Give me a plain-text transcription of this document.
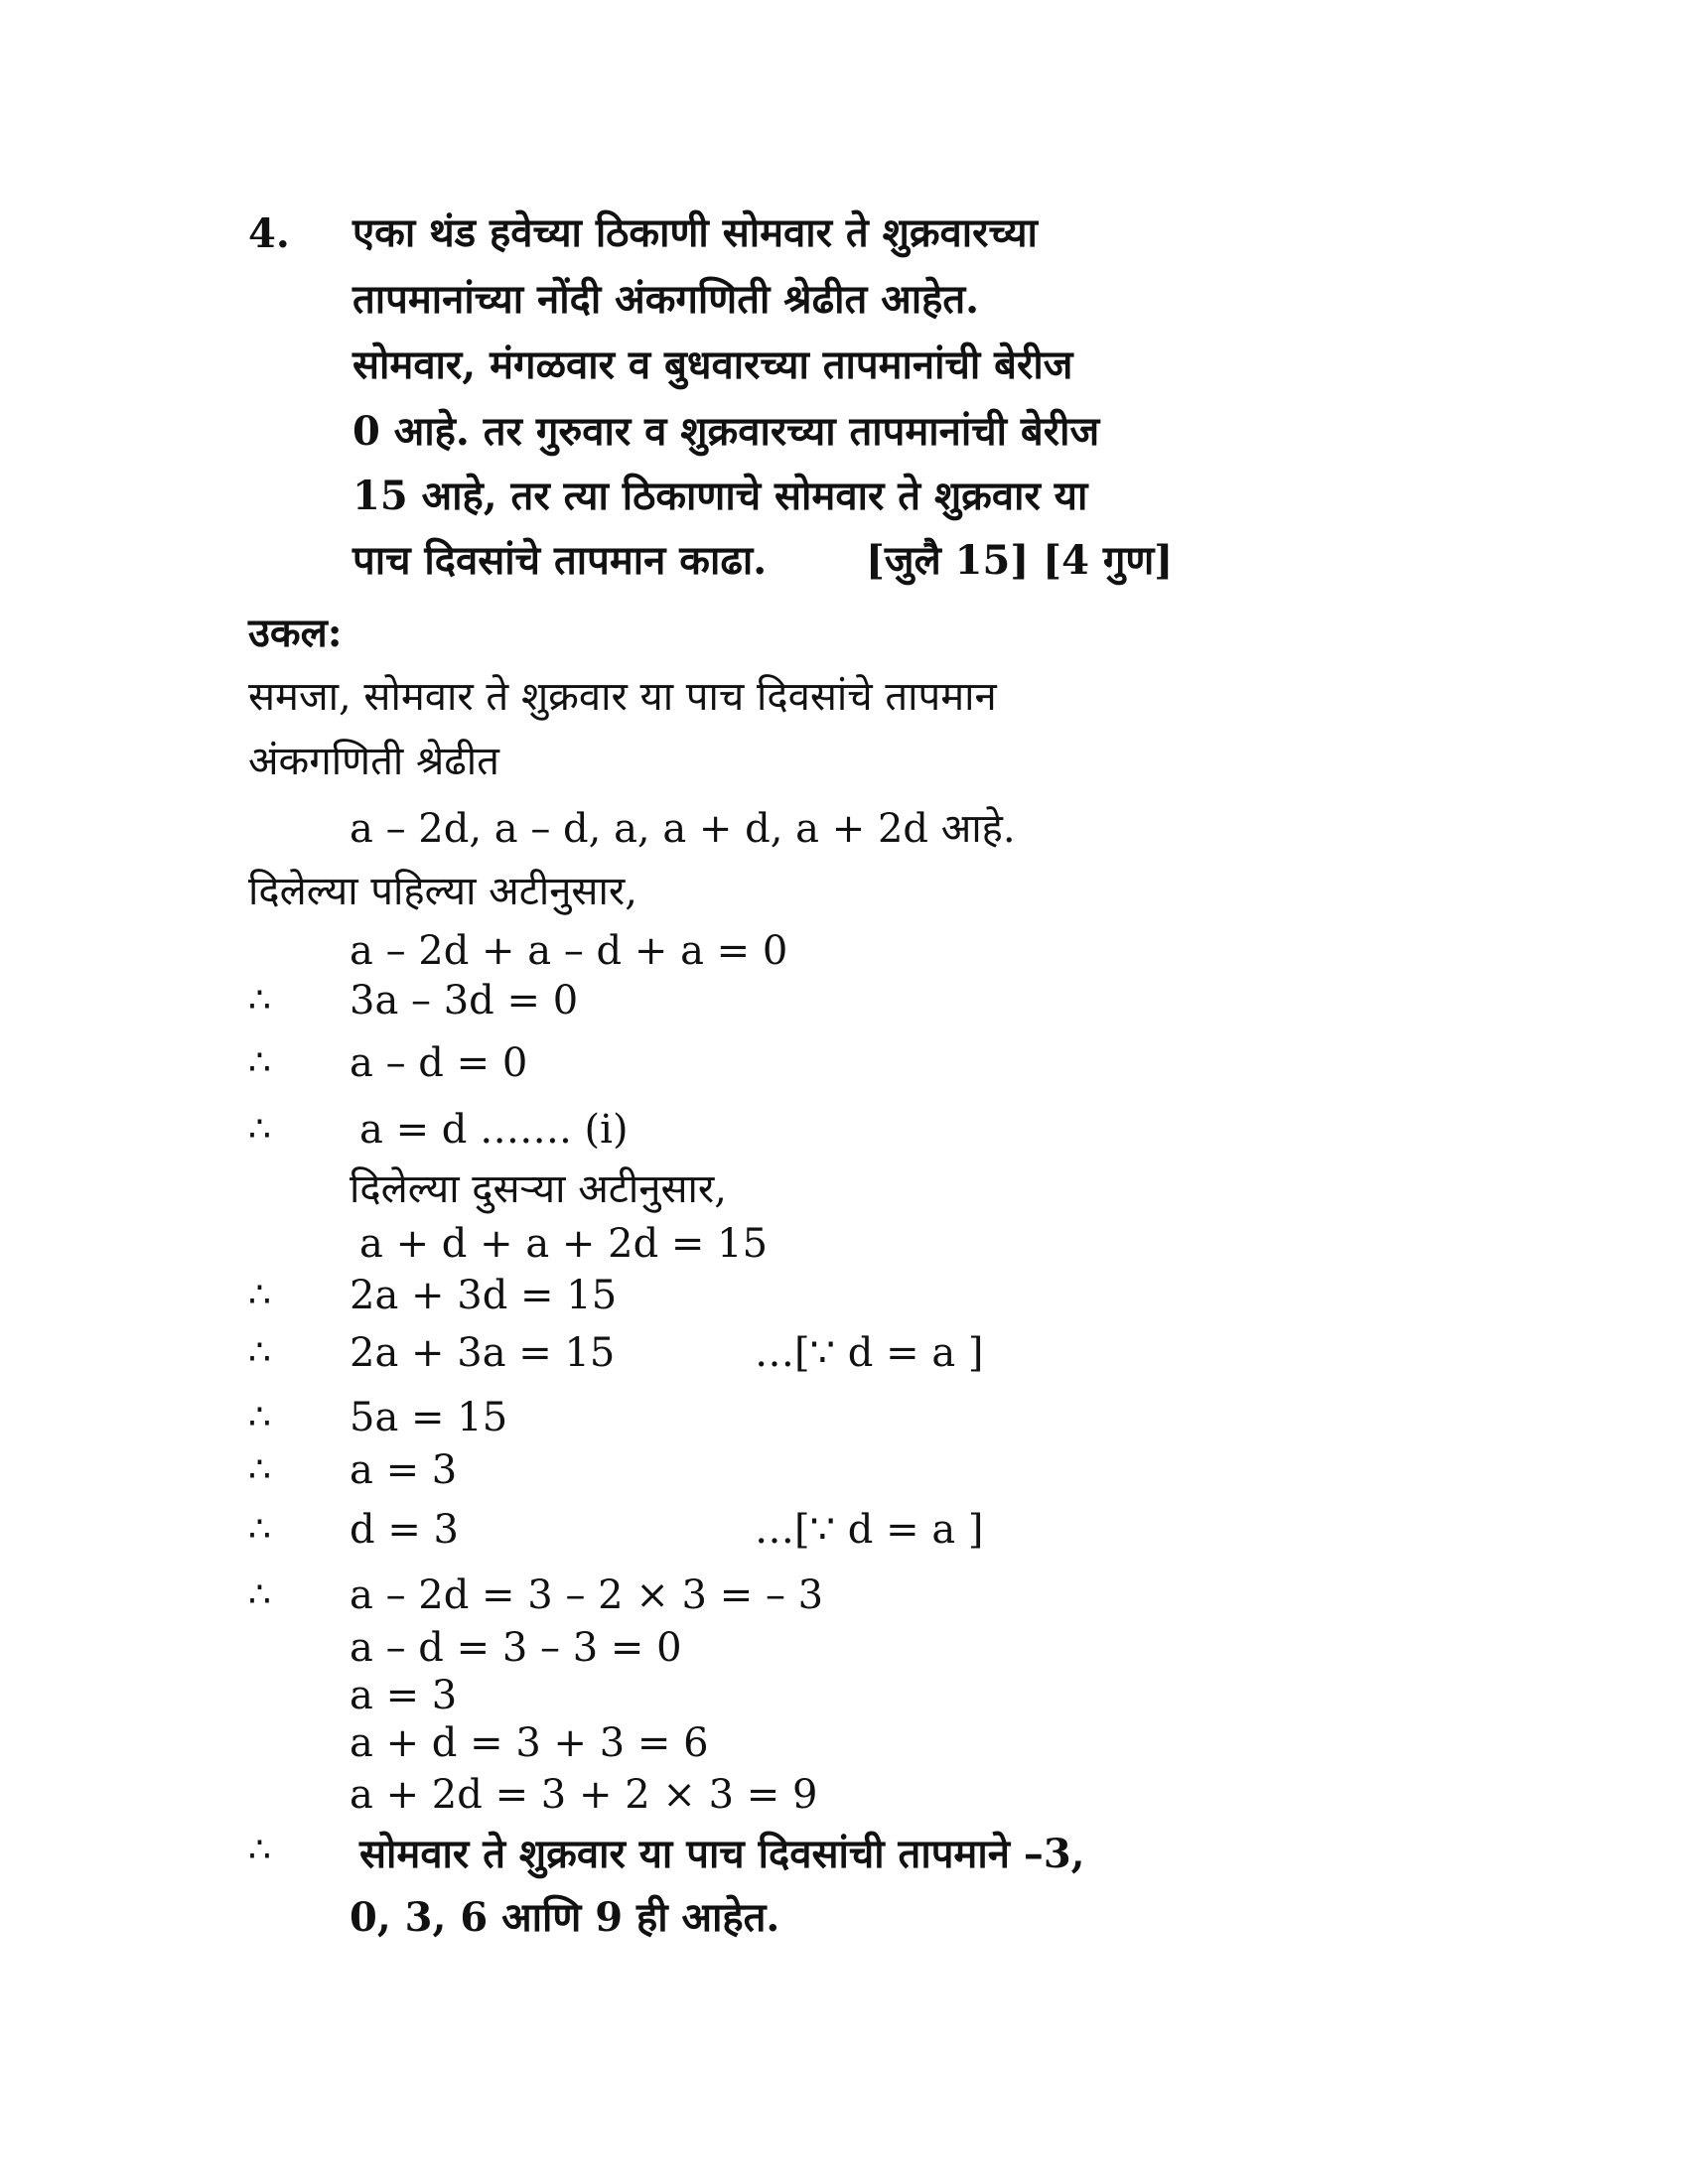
4. एका थंड हवेच्या ठिकाणी सोमवार ते शुक्रवारच्या
तापमानांच्या नोंदी अंकगणिती श्रेढीत आहेत.
सोमवार, मंगळवार व बुधवारच्या तापमानांची बेरीज
0 आहे. तर गुरुवार व शुक्रवारच्या तापमानांची बेरीज
15 आहे, तर त्या ठिकाणाचे सोमवार ते शुक्रवार या
पाच दिवसांचे तापमान काढा. [जुलै 15] [4 गुण]
उकल:
समजा, सोमवार ते शुक्रवार या पाच दिवसांचे तापमान
अंकगणिती श्रेढीत
a – 2d, a – d, a, a + d, a + 2d आहे.
दिलेल्या पहिल्या अटीनुसार,
a – 2d + a – d + a = 0
∴ 3a – 3d = 0
∴ a – d = 0
∴ a = d ……. (i)
दिलेल्या दुसऱ्या अटीनुसार,
a + d + a + 2d = 15
∴ 2a + 3d = 15
∴ 2a + 3a = 15	…[∵ d = a ]
∴ 5a = 15
∴ a = 3
∴ d = 3	…[∵ d = a ]
∴ a – 2d = 3 – 2 × 3 = – 3
a – d = 3 – 3 = 0
a = 3
a + d = 3 + 3 = 6
a + 2d = 3 + 2 × 3 = 9
∴ सोमवार ते शुक्रवार या पाच दिवसांची तापमाने –3,
0, 3, 6 आणि 9 ही आहेत.
